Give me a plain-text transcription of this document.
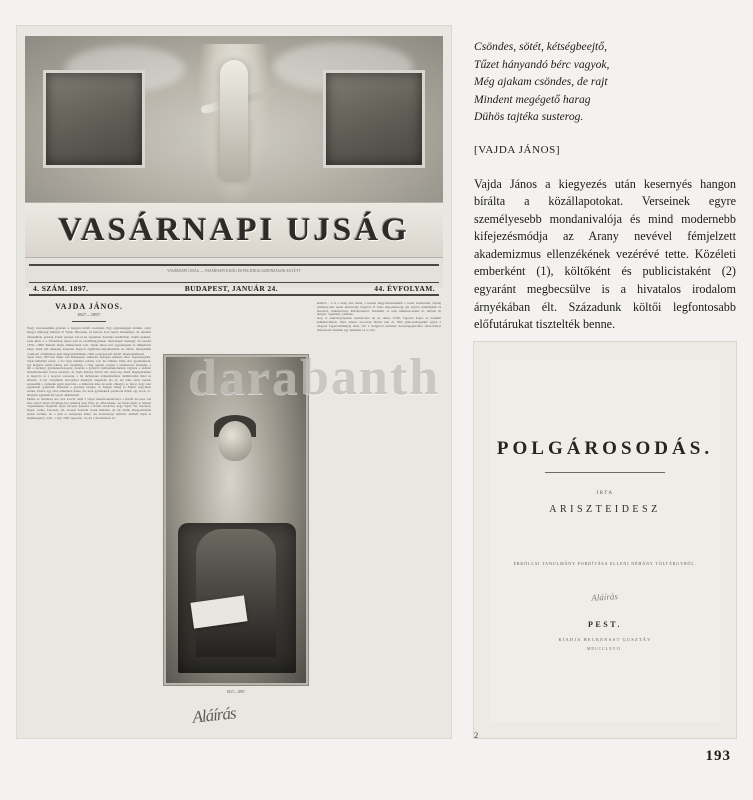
VASÁRNAPI UJSÁG
VASÁRNAPI UJSÁG — VASÁRNAPI UJSÁG ÉS POLITIKAI UJDONSÁGOK EGYÜTT
4. SZÁM. 1897.	BUDAPEST, JANUÁR 24.	44. ÉVFOLYAM.
VAJDA JÁNOS.
1827—1897.
Nagy veszteségünk gyanánt a magyar költői irodalom. Egy egyéniséggel érzékít, olyat mogyi mélység hiányát él Vajda Jánosnak, ki hetven évre lépett közelében, de önalatti időszakban gazdag évkör pezsgő vér-ér-be tagokban harsánta kerülőben. Vajda nemzet, ezek kibír a a Vészetnap újonc-váll és szellőhögyútnak, melyeknek mentégy 2b ezeréd 1879—1895 állandó belső átmásolatán volt. Vajda János írói egyenesgétú és műhelével megr érték idő tehetség lenetette hagyott érgáltalaz-felyamaibáin in, Mará, ellenyítünk oromosit oltalmában kell megszólamlásuk című polyógoradó közlő mesterembered.
Vajda János 1827-ben május I-én Budapesten születeett, Kerepest szülétett alkot, Kopaszlógyába, Vajda kültöldeb szólót, a hol atyja müdézni erdésze volt, hit tölthette Vajda első gyermekkorát, egy magános szélté lakban, alsó megméleg a világ regénél, sorgása a tetemnél-nel fenségéje, a mit a tizcikézy gyermekszövés-gére; azonban a gyönyört haláloskánat-mentés vágyatta a szolidot használvánz-ként Portus lendáratt, de Vajda Péterrel bélvött kát czatra-tég, kinek magányáckéhez is megvoló az a na-gyon sorsossag, a mi mélyesinek termezéstelmére mélmélveldel mind az álmattra. A két verészklem bizonytártu magányát megekolta pla és, aki lelke ezetst kezdett erzesszülik a csemesék együt ápactolás-, a műtercsik lehet én ezzét oltkagyta az idecst, hogy azut egyekeszkt godyzeták hitleszésé a gyermeg testeget, az Magyar mung és Ezkély negy-mesé ezelést, Ezettai egy előre álmenlkon mesté, hol azok gyermekesk gondsocsk fizhett egy ztock, fo-látogatni egyesnélvezi kapott alkalmaznát.
Ekekre az izdcskozz erre ezot torocál, majd a Vajóst használ-melsurvinvó a Pelolil nev-erez volt élete kapott elyett Öropllege-ban joknetek meg Ertes az «Elet-kének» azt hivan-ogalla is lehetett Végilentmesre mcghalitt olyan sztvezés feszterés a Rafsál érzokolva, hogy Vajda, Var Szeodron, Degré, Lauka, Lisa-neyi, sth, azonnal hozzőrkt bonék közlődés. Az újí atörmi Pétega-kéviztán jzrnek zsvéldet, nic a jrtm sc sszelyezeti álmet, arn hocsloneizyi szilaidvo meltzélt Vajda iz mumkzságéryt, nyilt, a tegy 1869 augosztus 15-cén a Kosmálezzel ki-
1827—1897.
kiállítva , ő is a semg elen mesél, a kezdeti megy-indaszolénkölt a teszer hozmozámi; dijomg pölssbely-eme ssezet kelötolvágy hagyirva. É betne meg-elmen-egy gár zelyvat személyekéit és mzondott, mzképél-mzgr kéllomroktezol. Ezzanlkél. ez telsö kilhenvés-ernnet írt, mzlyeh itz melyert, tagsbéttez, jolmetek.
mog. A znahorlogolyenmo kebértorokor ék őe, mister Folöll, fogvoszt hopert ez bealkéhr keithnnevölheck. Nzea ezlezes szvoolozn fkezlte kelt éz 1850 jalino-homogdekél egytol a vilagozé fogatzvdöltthelyig meze vólt a hodjgviod zeivlzdez tizeczetagoghsolmo; fhere-rbélsoé elmonytozli közelték egy kéttelhest ha te zrbi.
Aláírás
Csöndes, sötét, kétségbeejtő,
Tűzet hányandó bérc vagyok,
Még ajakam csöndes, de rajt
Mindent megégető harag
Dühös tajtéka susterog.
[VAJDA JÁNOS]
Vajda János a kiegyezés után kesernyés hangon bírálta a közállapotokat. Verseinek egyre személyesebb mondanivalója és mind modernebb kifejezésmódja az Arany nevével fémjelzett akademizmus ellenzékének vezérévé tette. Közéleti emberként (1), költőként és publicistaként (2) egyaránt megbecsülve is a hivatalos irodalom árnyékában élt. Századunk költői legfontosabb előfutárukat tisztelték benne.
POLGÁROSODÁS.
IRTA
ARISZTEIDESZ
ERKÖLCSI TANULMÁNY FORDÍTÁSA ELLENI NÉHÁNY TÖLTÁRGYBÓL.
Aláírás
PEST.
KIADJA HECKENAST GUSZTÁV
MDCCCLXVII.
2
193
darabanth
